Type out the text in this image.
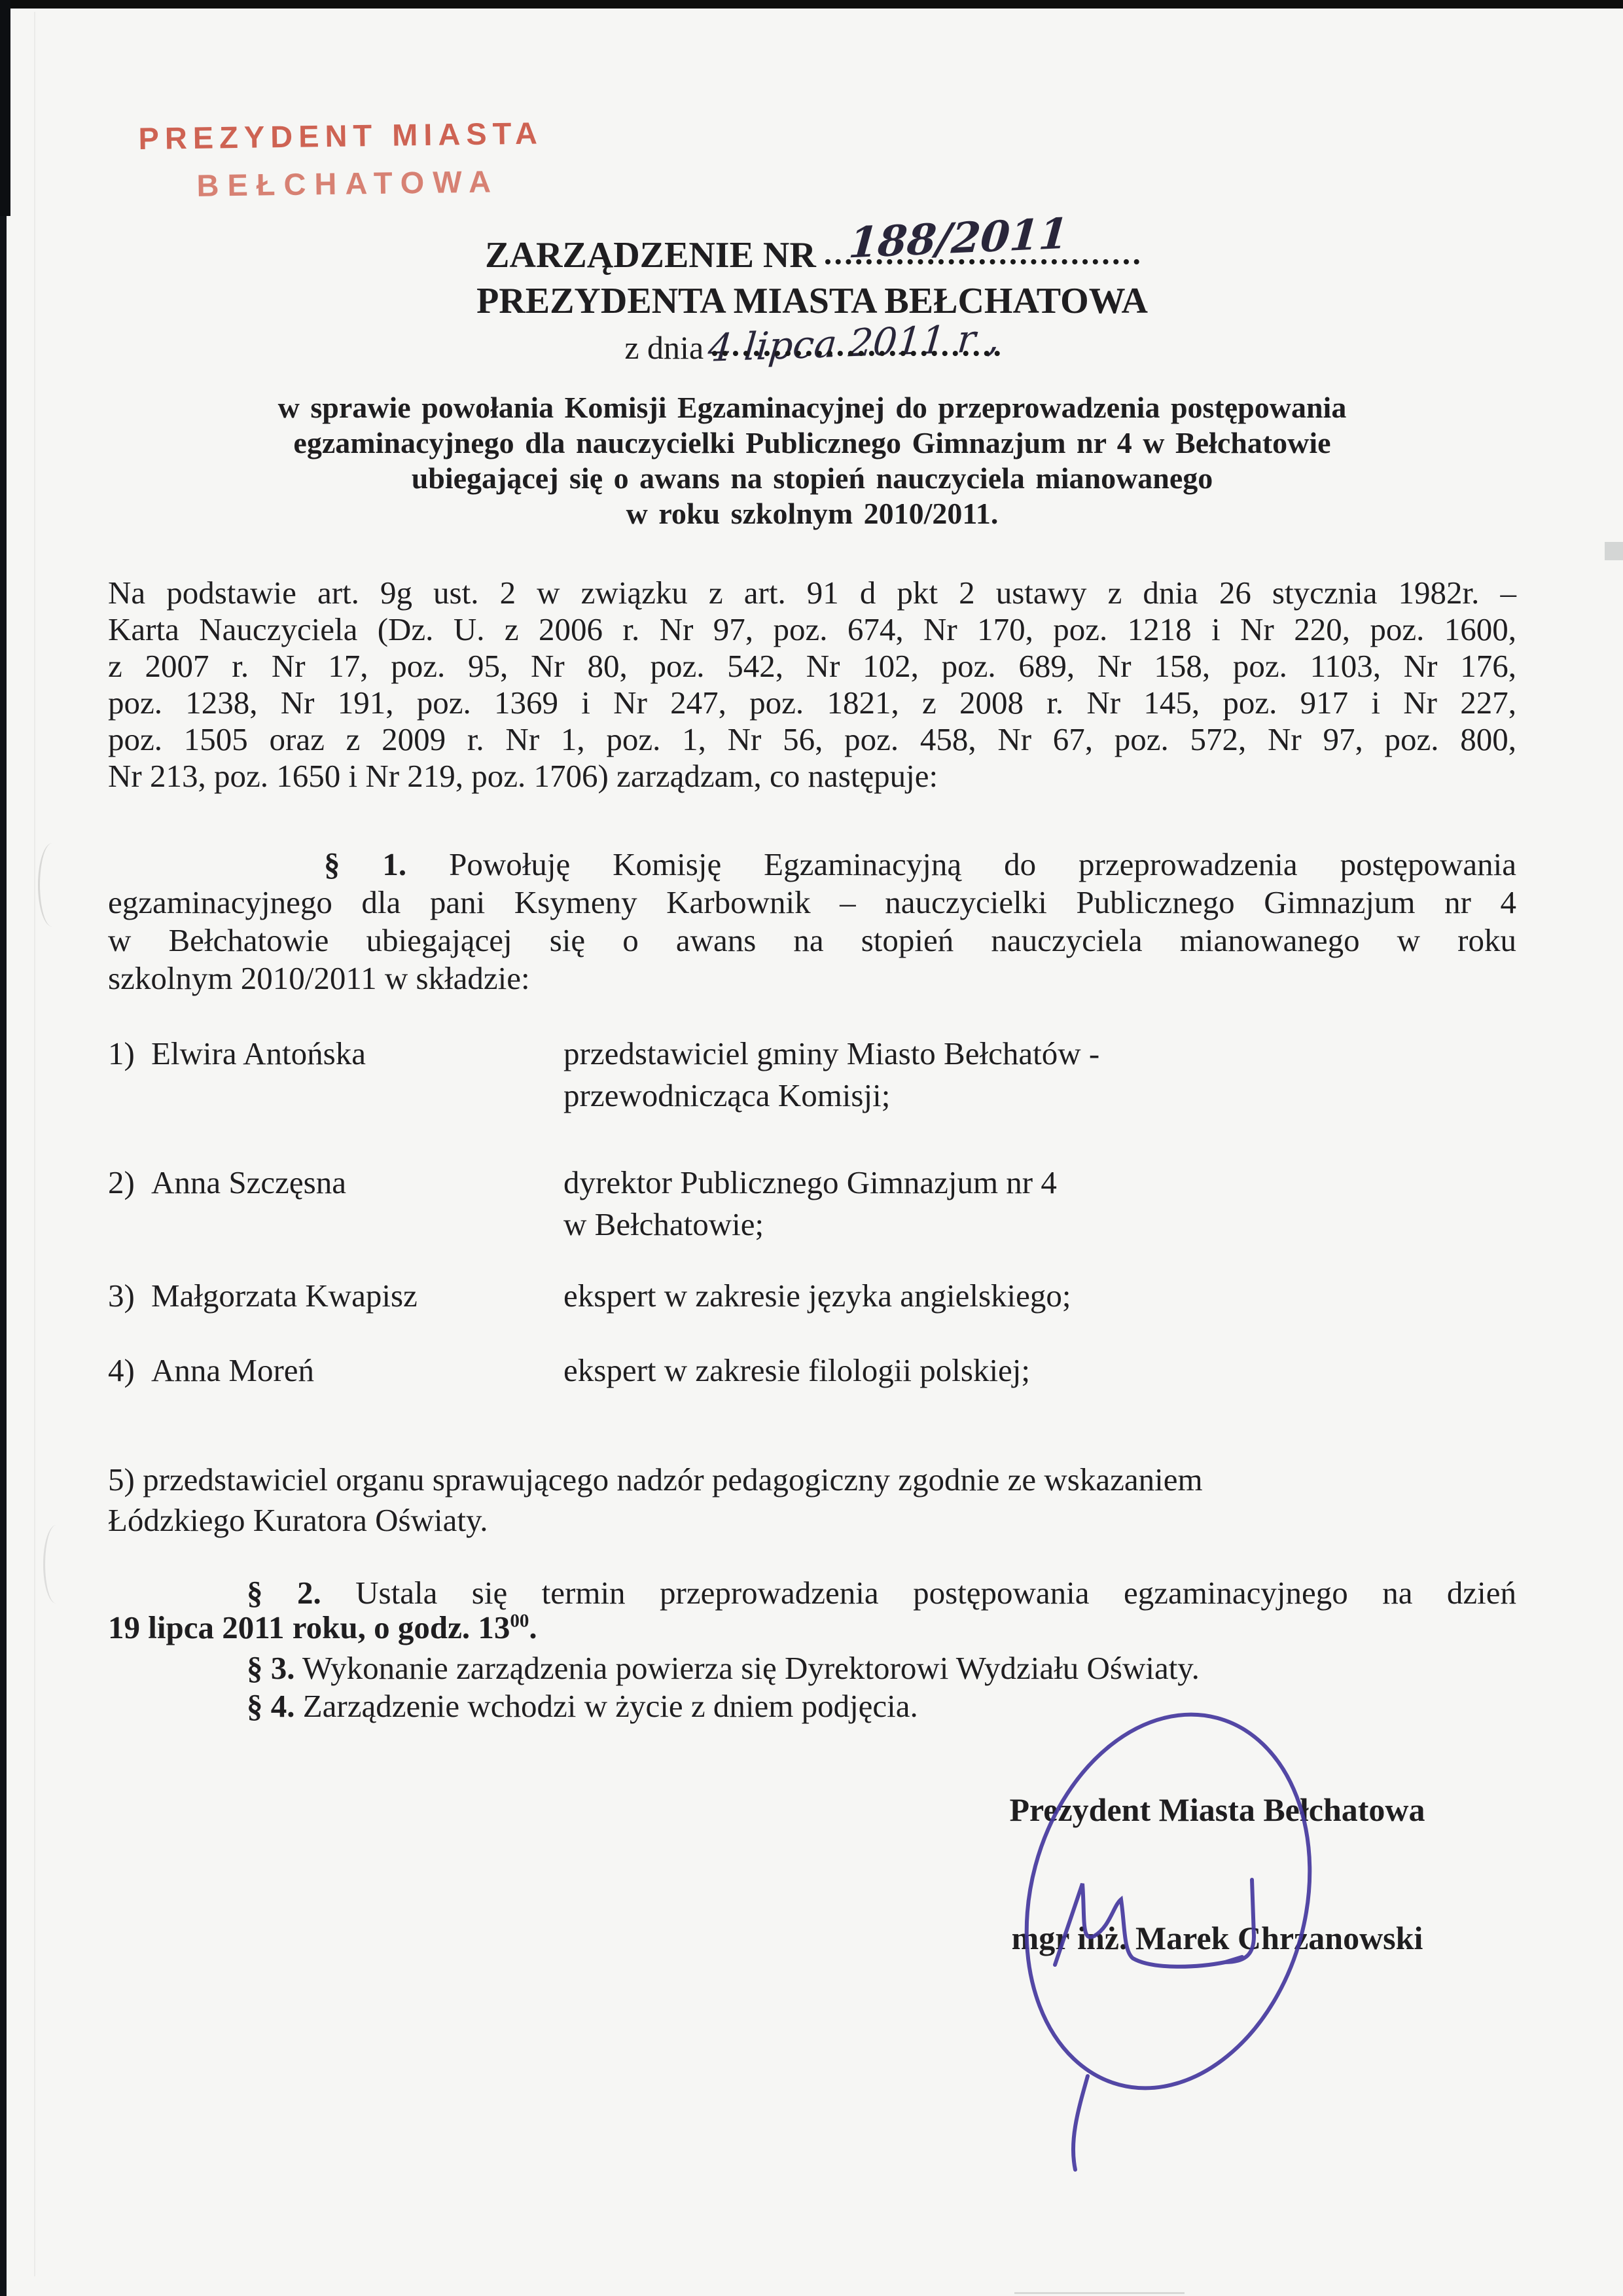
PREZYDENT MIASTA
BEŁCHATOWA
ZARZĄDZENIE NR 188/2011
PREZYDENTA MIASTA BEŁCHATOWA
z dnia 4 lipca 2011 r ,
w sprawie powołania Komisji Egzaminacyjnej do przeprowadzenia postępowania
egzaminacyjnego dla nauczycielki Publicznego Gimnazjum nr 4 w Bełchatowie
ubiegającej się o awans na stopień nauczyciela mianowanego
w roku szkolnym 2010/2011.
Na podstawie art. 9g ust. 2 w związku z art. 91 d pkt 2 ustawy z dnia 26 stycznia 1982r. –
Karta Nauczyciela (Dz. U. z 2006 r. Nr 97, poz. 674, Nr 170, poz. 1218 i Nr 220, poz. 1600,
z 2007 r. Nr 17, poz. 95, Nr 80, poz. 542, Nr 102, poz. 689, Nr 158, poz. 1103, Nr 176,
poz. 1238, Nr 191, poz. 1369 i Nr 247, poz. 1821, z 2008 r. Nr 145, poz. 917 i Nr 227,
poz. 1505 oraz z 2009 r. Nr 1, poz. 1, Nr 56, poz. 458, Nr 67, poz. 572, Nr 97, poz. 800,
Nr 213, poz. 1650 i Nr 219, poz. 1706) zarządzam, co następuje:
§ 1. Powołuję Komisję Egzaminacyjną do przeprowadzenia postępowania
egzaminacyjnego dla pani Ksymeny Karbownik – nauczycielki Publicznego Gimnazjum nr 4
w Bełchatowie ubiegającej się o awans na stopień nauczyciela mianowanego w roku
szkolnym 2010/2011 w składzie:
1) Elwira Antońska	przedstawiciel gminy Miasto Bełchatów -
przewodnicząca Komisji;
2) Anna Szczęsna	dyrektor Publicznego Gimnazjum nr 4
w Bełchatowie;
3) Małgorzata Kwapisz	ekspert w zakresie języka angielskiego;
4) Anna Moreń	ekspert w zakresie filologii polskiej;
5) przedstawiciel organu sprawującego nadzór pedagogiczny zgodnie ze wskazaniem
Łódzkiego Kuratora Oświaty.
§ 2. Ustala się termin przeprowadzenia postępowania egzaminacyjnego na dzień
19 lipca 2011 roku, o godz. $13^{00}$.
§ 3. Wykonanie zarządzenia powierza się Dyrektorowi Wydziału Oświaty.
§ 4. Zarządzenie wchodzi w życie z dniem podjęcia.
Prezydent Miasta Bełchatowa
mgr inż. Marek Chrzanowski
